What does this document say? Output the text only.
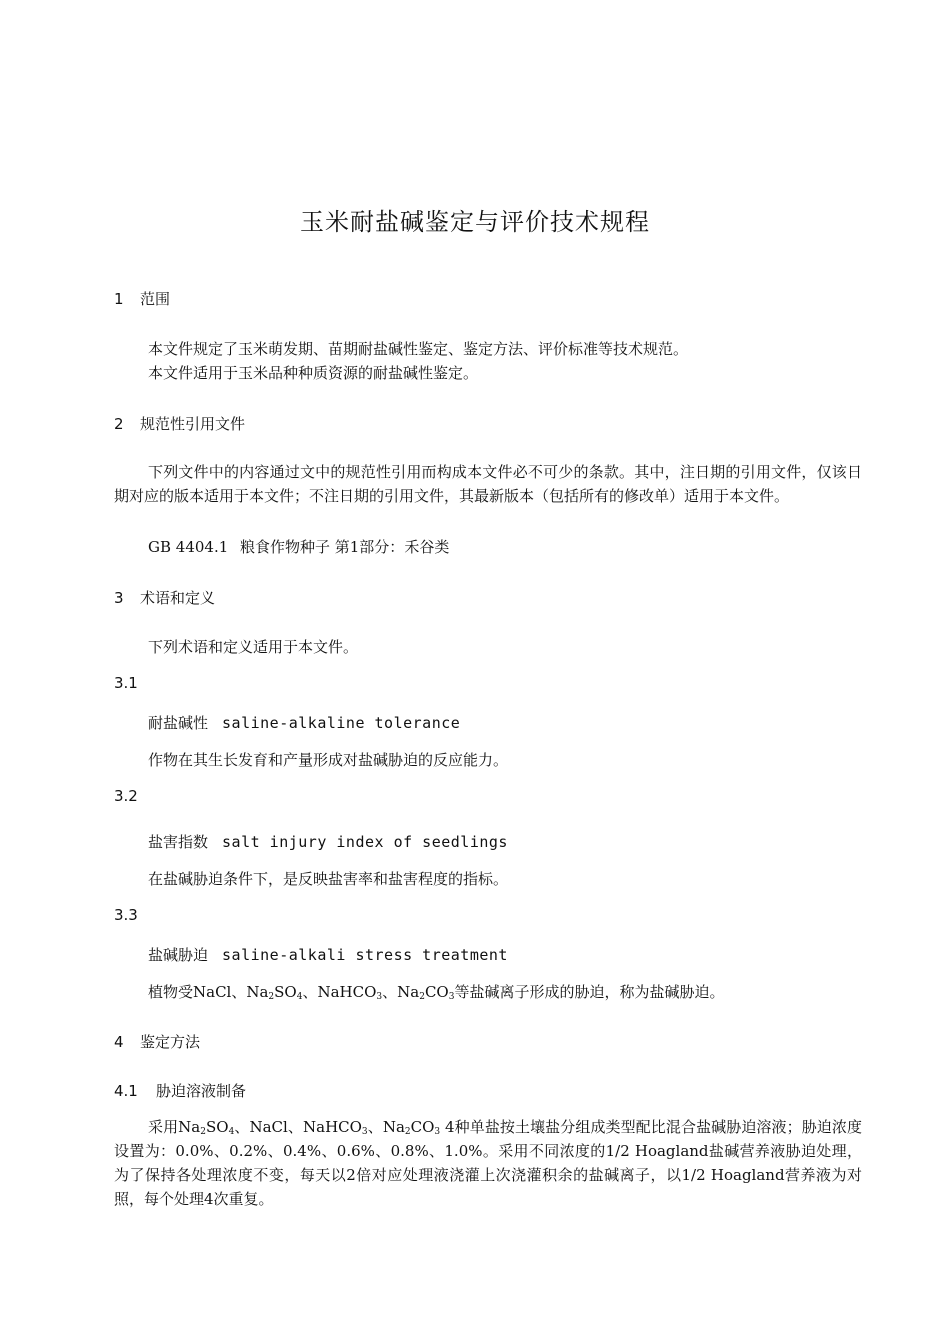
玉米耐盐碱鉴定与评价技术规程
1 范围
本文件规定了玉米萌发期、苗期耐盐碱性鉴定、鉴定方法、评价标准等技术规范。
本文件适用于玉米品种种质资源的耐盐碱性鉴定。
2 规范性引用文件
下列文件中的内容通过文中的规范性引用而构成本文件必不可少的条款。其中，注日期的引用文件，仅该日期对应的版本适用于本文件；不注日期的引用文件，其最新版本（包括所有的修改单）适用于本文件。
GB 4404.1 粮食作物种子 第1部分：禾谷类
3 术语和定义
下列术语和定义适用于本文件。
3.1
耐盐碱性 saline-alkaline tolerance
作物在其生长发育和产量形成对盐碱胁迫的反应能力。
3.2
盐害指数 salt injury index of seedlings
在盐碱胁迫条件下，是反映盐害率和盐害程度的指标。
3.3
盐碱胁迫 saline-alkali stress treatment
植物受NaCl、$Na_2SO_4$、NaHCO$_3$、$Na_2CO_3$等盐碱离子形成的胁迫，称为盐碱胁迫。
4 鉴定方法
4.1 胁迫溶液制备
采用$Na_2SO_4$、NaCl、NaHCO$_3$、$Na_2CO_3$ 4种单盐按土壤盐分组成类型配比混合盐碱胁迫溶液；胁迫浓度设置为：0.0%、0.2%、0.4%、0.6%、0.8%、1.0%。采用不同浓度的1/2 Hoagland盐碱营养液胁迫处理，为了保持各处理浓度不变，每天以2倍对应处理液浇灌上次浇灌积余的盐碱离子，以1/2 Hoagland营养液为对照，每个处理4次重复。
